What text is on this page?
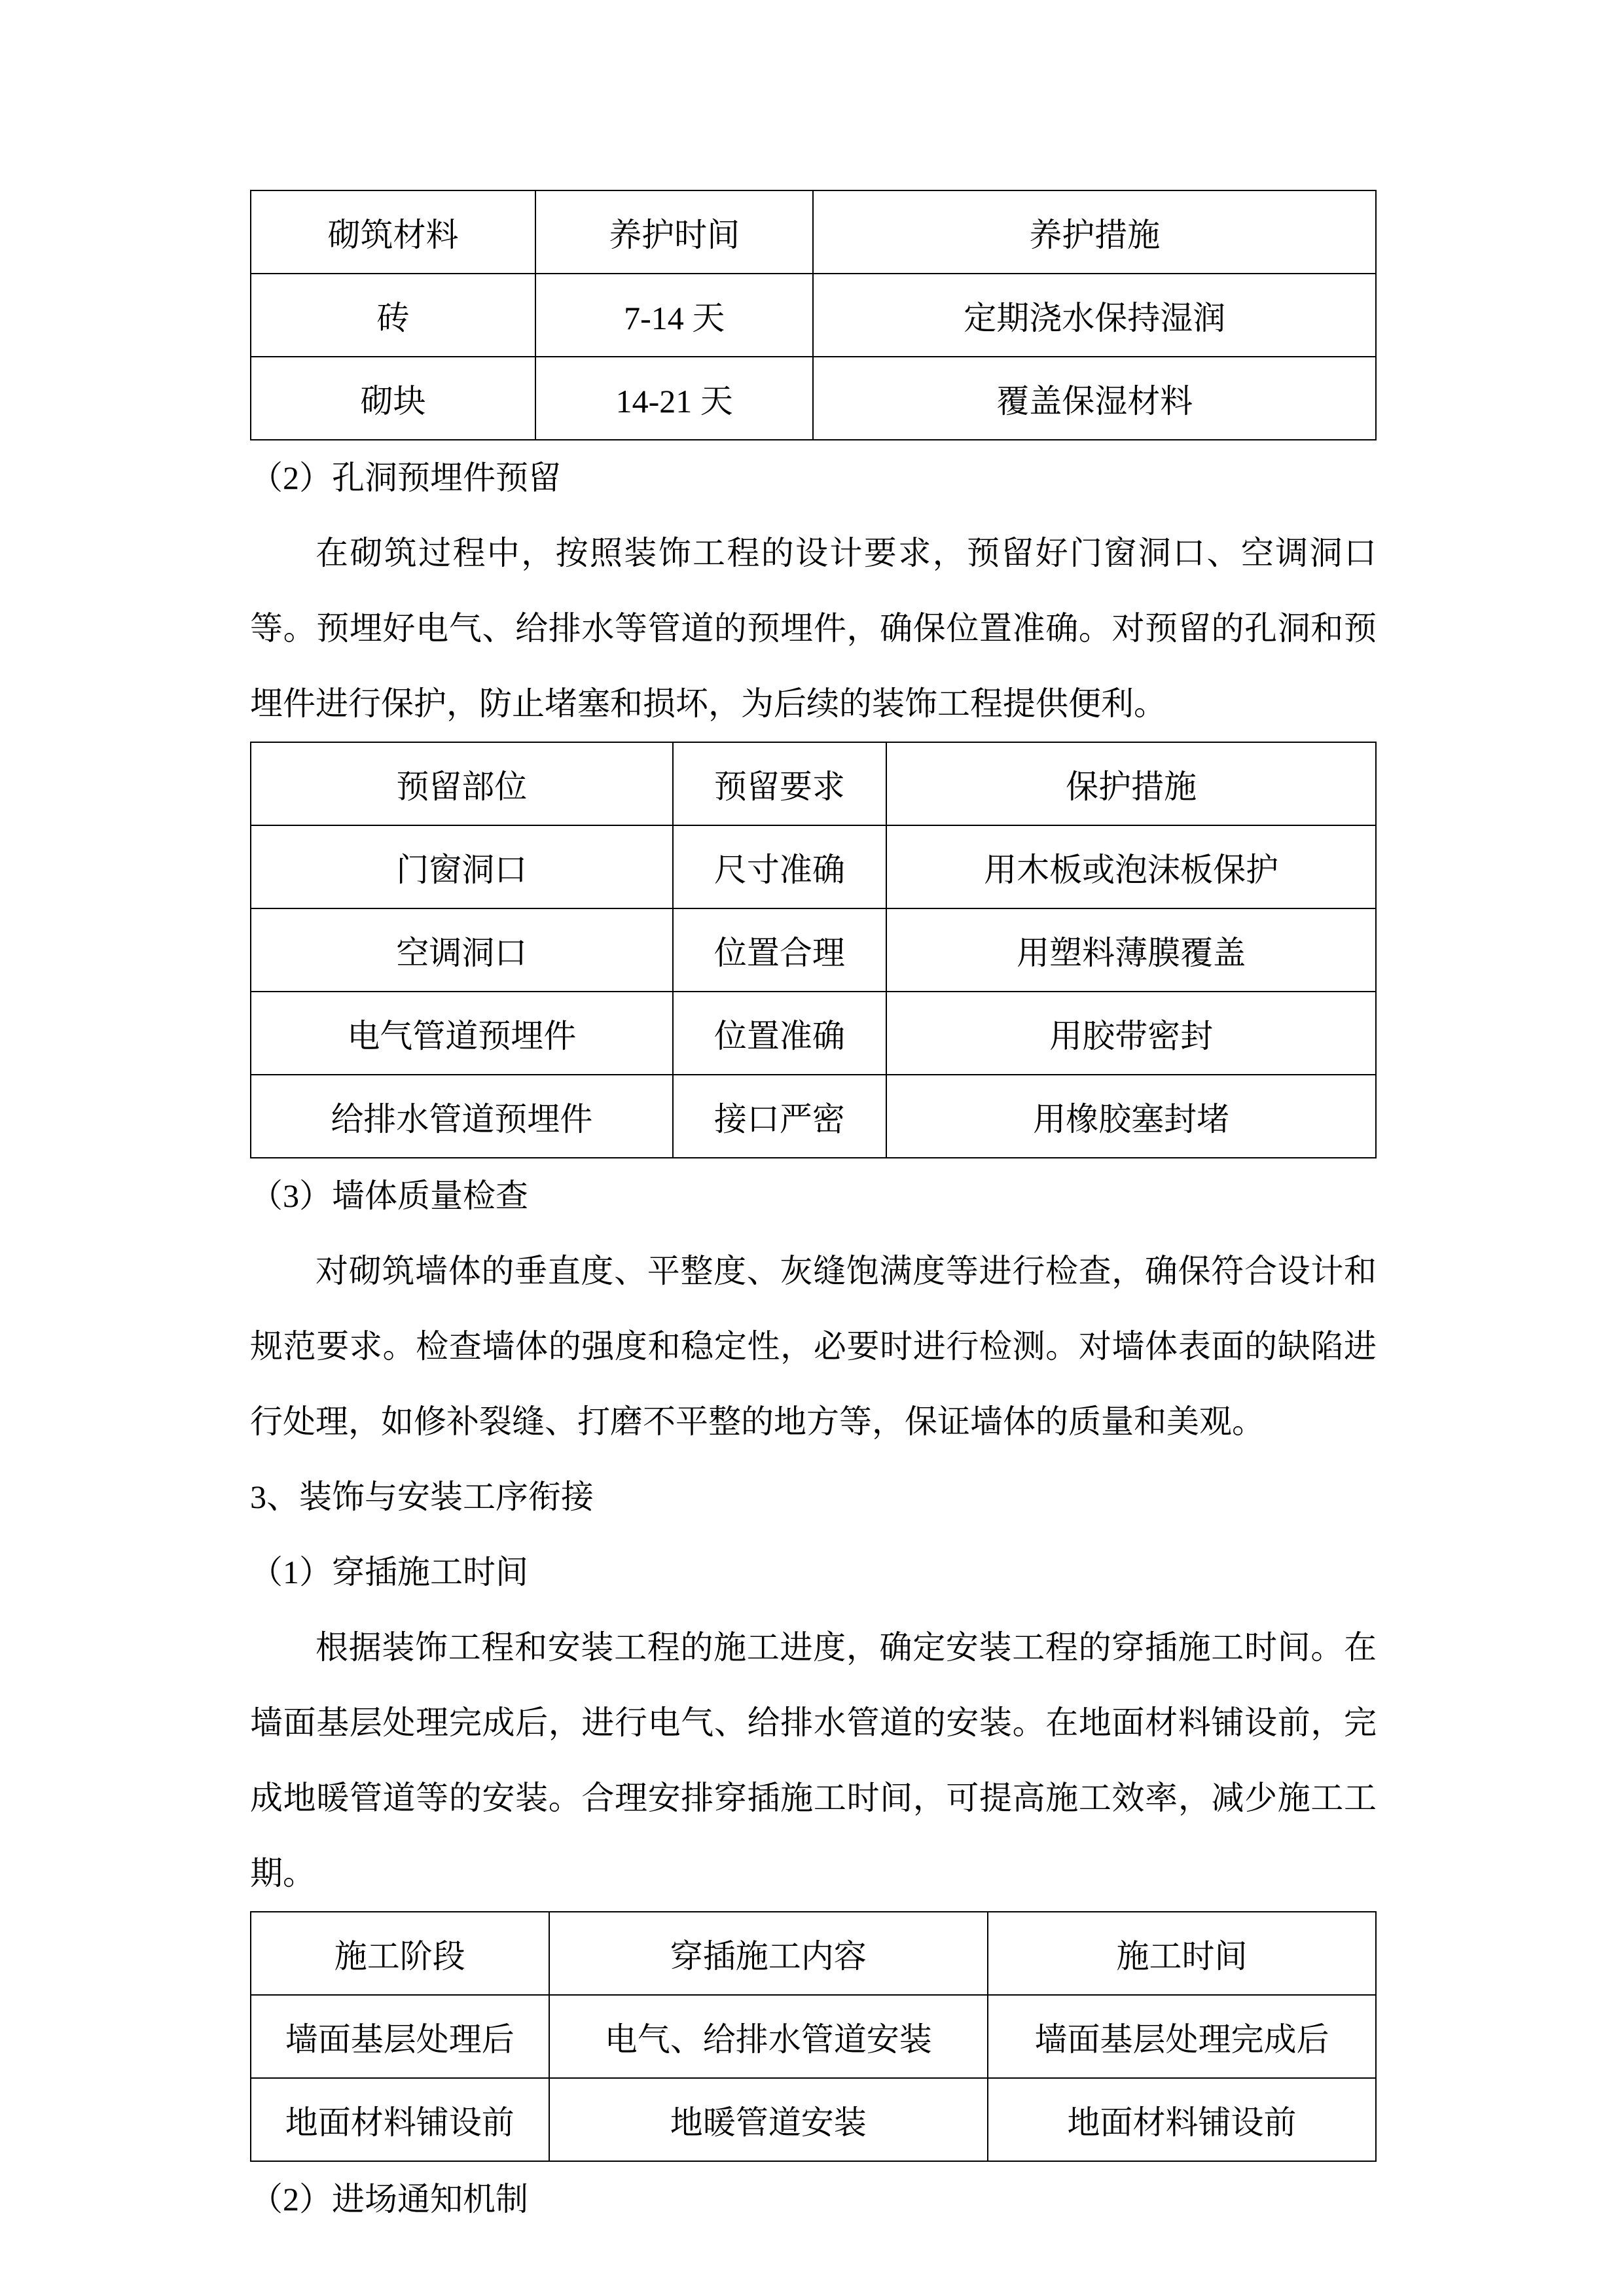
砌筑材料	养护时间	养护措施
砖	7-14 天	定期浇水保持湿润
砌块	14-21 天	覆盖保湿材料

（2）孔洞预埋件预留

在砌筑过程中，按照装饰工程的设计要求，预留好门窗洞口、空调洞口等。预埋好电气、给排水等管道的预埋件，确保位置准确。对预留的孔洞和预埋件进行保护，防止堵塞和损坏，为后续的装饰工程提供便利。

预留部位	预留要求	保护措施
门窗洞口	尺寸准确	用木板或泡沫板保护
空调洞口	位置合理	用塑料薄膜覆盖
电气管道预埋件	位置准确	用胶带密封
给排水管道预埋件	接口严密	用橡胶塞封堵

（3）墙体质量检查

对砌筑墙体的垂直度、平整度、灰缝饱满度等进行检查，确保符合设计和规范要求。检查墙体的强度和稳定性，必要时进行检测。对墙体表面的缺陷进行处理，如修补裂缝、打磨不平整的地方等，保证墙体的质量和美观。

3、装饰与安装工序衔接

（1）穿插施工时间

根据装饰工程和安装工程的施工进度，确定安装工程的穿插施工时间。在墙面基层处理完成后，进行电气、给排水管道的安装。在地面材料铺设前，完成地暖管道等的安装。合理安排穿插施工时间，可提高施工效率，减少施工工期。

施工阶段	穿插施工内容	施工时间
墙面基层处理后	电气、给排水管道安装	墙面基层处理完成后
地面材料铺设前	地暖管道安装	地面材料铺设前

（2）进场通知机制
